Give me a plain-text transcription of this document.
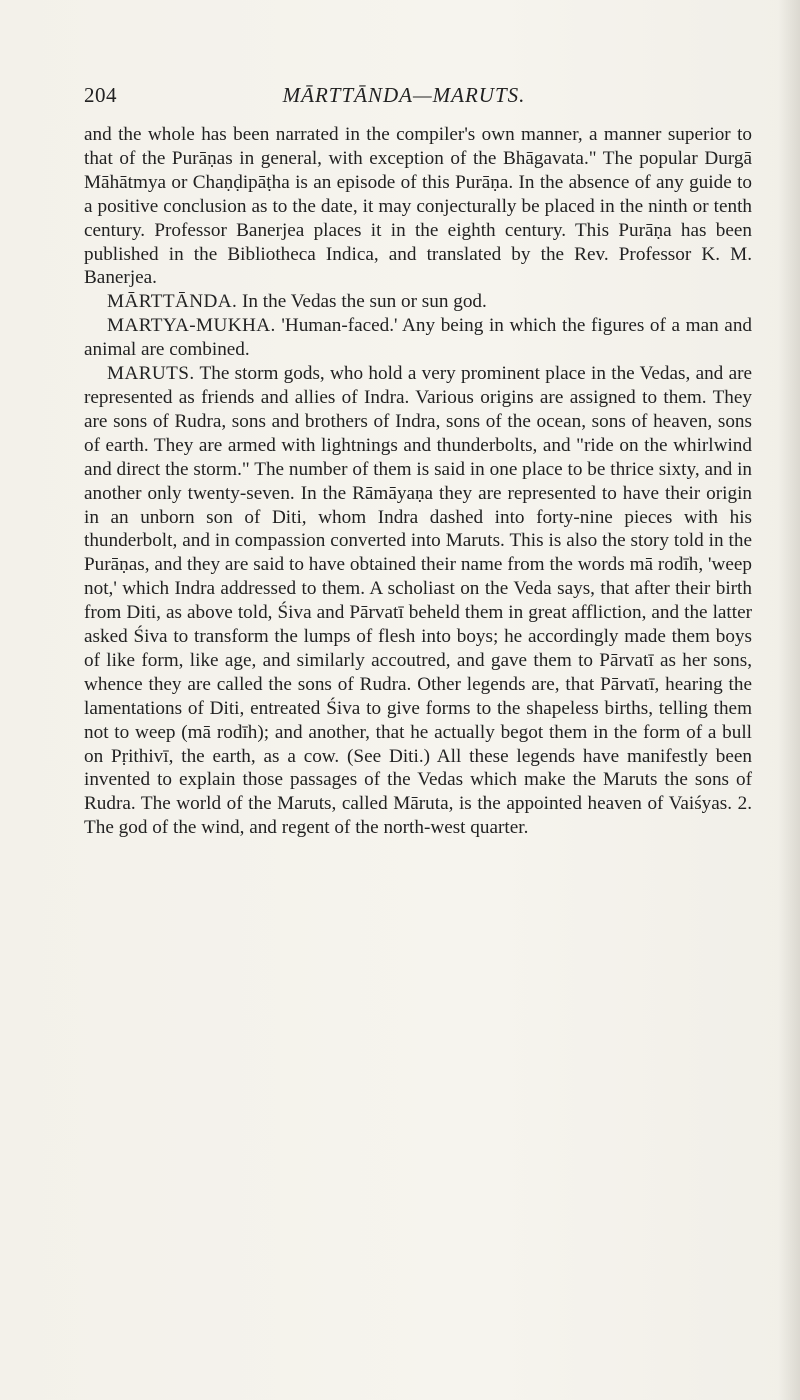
204	MĀRTTĀNDA—MARUTS.

and the whole has been narrated in the compiler's own manner, a manner superior to that of the Purāṇas in general, with exception of the Bhāgavata." The popular Durgā Māhātmya or Chaṇḍipāṭha is an episode of this Purāṇa. In the absence of any guide to a positive conclusion as to the date, it may conjecturally be placed in the ninth or tenth century. Professor Banerjea places it in the eighth century. This Purāṇa has been published in the Bibliotheca Indica, and translated by the Rev. Professor K. M. Banerjea.

MĀRTTĀNDA. In the Vedas the sun or sun god.

MARTYA-MUKHA. 'Human-faced.' Any being in which the figures of a man and animal are combined.

MARUTS. The storm gods, who hold a very prominent place in the Vedas, and are represented as friends and allies of Indra. Various origins are assigned to them. They are sons of Rudra, sons and brothers of Indra, sons of the ocean, sons of heaven, sons of earth. They are armed with lightnings and thunderbolts, and "ride on the whirlwind and direct the storm." The number of them is said in one place to be thrice sixty, and in another only twenty-seven. In the Rāmāyaṇa they are represented to have their origin in an unborn son of Diti, whom Indra dashed into forty-nine pieces with his thunderbolt, and in compassion converted into Maruts. This is also the story told in the Purāṇas, and they are said to have obtained their name from the words mā rodīh, 'weep not,' which Indra addressed to them. A scholiast on the Veda says, that after their birth from Diti, as above told, Śiva and Pārvatī beheld them in great affliction, and the latter asked Śiva to transform the lumps of flesh into boys; he accordingly made them boys of like form, like age, and similarly accoutred, and gave them to Pārvatī as her sons, whence they are called the sons of Rudra. Other legends are, that Pārvatī, hearing the lamentations of Diti, entreated Śiva to give forms to the shapeless births, telling them not to weep (mā rodīh); and another, that he actually begot them in the form of a bull on Pṛithivī, the earth, as a cow. (See Diti.) All these legends have manifestly been invented to explain those passages of the Vedas which make the Maruts the sons of Rudra. The world of the Maruts, called Māruta, is the appointed heaven of Vaiśyas. 2. The god of the wind, and regent of the north-west quarter.
